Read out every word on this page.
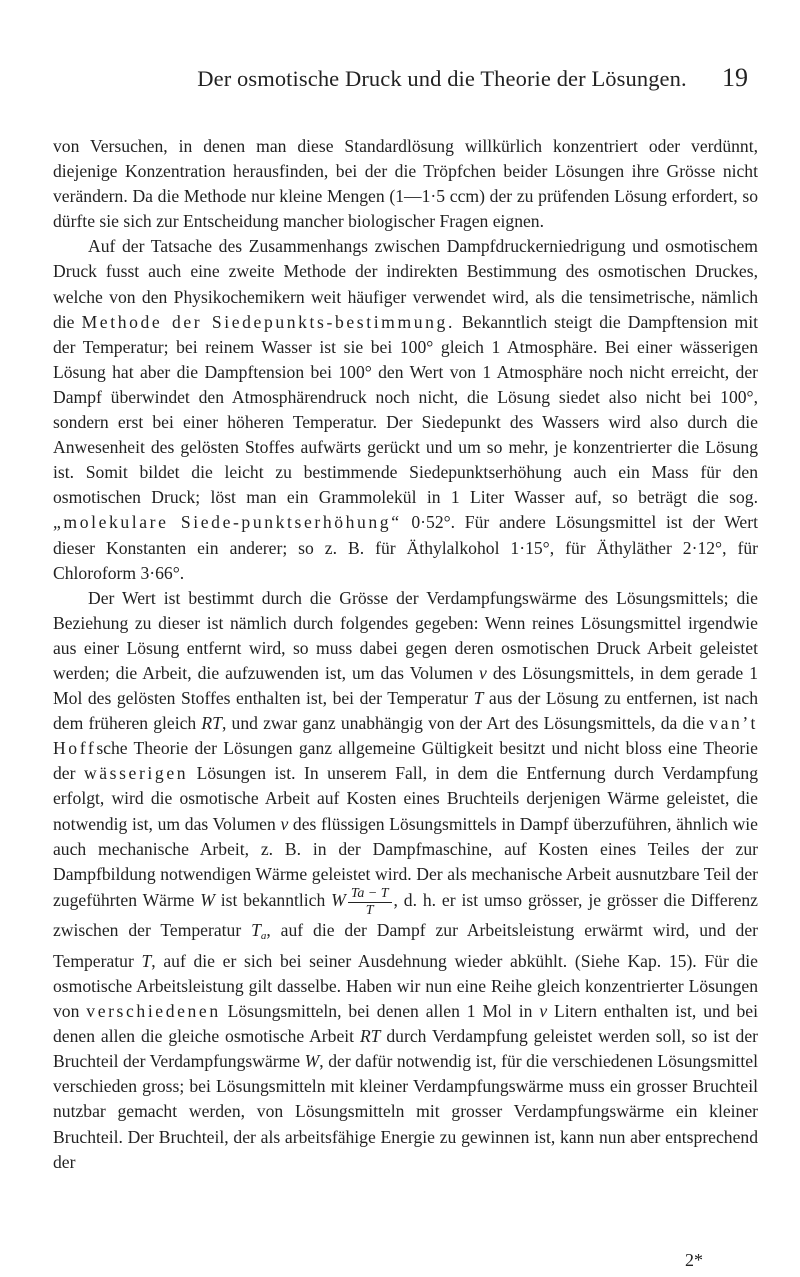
Der osmotische Druck und die Theorie der Lösungen.	19

von Versuchen, in denen man diese Standardlösung willkürlich konzentriert oder verdünnt, diejenige Konzentration herausfinden, bei der die Tröpfchen beider Lösungen ihre Grösse nicht verändern. Da die Methode nur kleine Mengen (1—1·5 ccm) der zu prüfenden Lösung erfordert, so dürfte sie sich zur Entscheidung mancher biologischer Fragen eignen.

Auf der Tatsache des Zusammenhangs zwischen Dampfdruckerniedrigung und osmotischem Druck fusst auch eine zweite Methode der indirekten Bestimmung des osmotischen Druckes, welche von den Physikochemikern weit häufiger verwendet wird, als die tensimetrische, nämlich die Methode der Siedepunkts-bestimmung. Bekanntlich steigt die Dampftension mit der Temperatur; bei reinem Wasser ist sie bei 100° gleich 1 Atmosphäre. Bei einer wässerigen Lösung hat aber die Dampftension bei 100° den Wert von 1 Atmosphäre noch nicht erreicht, der Dampf überwindet den Atmosphärendruck noch nicht, die Lösung siedet also nicht bei 100°, sondern erst bei einer höheren Temperatur. Der Siedepunkt des Wassers wird also durch die Anwesenheit des gelösten Stoffes aufwärts gerückt und um so mehr, je konzentrierter die Lösung ist. Somit bildet die leicht zu bestimmende Siedepunktserhöhung auch ein Mass für den osmotischen Druck; löst man ein Grammolekül in 1 Liter Wasser auf, so beträgt die sog. „molekulare Siede-punktserhöhung“ 0·52°. Für andere Lösungsmittel ist der Wert dieser Konstanten ein anderer; so z. B. für Äthylalkohol 1·15°, für Äthyläther 2·12°, für Chloroform 3·66°.

Der Wert ist bestimmt durch die Grösse der Verdampfungswärme des Lösungsmittels; die Beziehung zu dieser ist nämlich durch folgendes gegeben: Wenn reines Lösungsmittel irgendwie aus einer Lösung entfernt wird, so muss dabei gegen deren osmotischen Druck Arbeit geleistet werden; die Arbeit, die aufzuwenden ist, um das Volumen v des Lösungsmittels, in dem gerade 1 Mol des gelösten Stoffes enthalten ist, bei der Temperatur T aus der Lösung zu entfernen, ist nach dem früheren gleich RT, und zwar ganz unabhängig von der Art des Lösungsmittels, da die van’t Hoffsche Theorie der Lösungen ganz allgemeine Gültigkeit besitzt und nicht bloss eine Theorie der wässerigen Lösungen ist. In unserem Fall, in dem die Entfernung durch Verdampfung erfolgt, wird die osmotische Arbeit auf Kosten eines Bruchteils derjenigen Wärme geleistet, die notwendig ist, um das Volumen v des flüssigen Lösungsmittels in Dampf überzuführen, ähnlich wie auch mechanische Arbeit, z. B. in der Dampfmaschine, auf Kosten eines Teiles der zur Dampfbildung notwendigen Wärme geleistet wird. Der als mechanische Arbeit ausnutzbare Teil der zugeführten Wärme W ist bekanntlich W $\frac{Ta - T}{T}$ , d. h. er ist umso grösser, je grösser die Differenz zwischen der Temperatur $T_a$, auf die der Dampf zur Arbeitsleistung erwärmt wird, und der Temperatur T, auf die er sich bei seiner Ausdehnung wieder abkühlt. (Siehe Kap. 15). Für die osmotische Arbeitsleistung gilt dasselbe. Haben wir nun eine Reihe gleich konzentrierter Lösungen von verschiedenen Lösungsmitteln, bei denen allen 1 Mol in v Litern enthalten ist, und bei denen allen die gleiche osmotische Arbeit RT durch Verdampfung geleistet werden soll, so ist der Bruchteil der Verdampfungswärme W, der dafür notwendig ist, für die verschiedenen Lösungsmittel verschieden gross; bei Lösungsmitteln mit kleiner Verdampfungswärme muss ein grosser Bruchteil nutzbar gemacht werden, von Lösungsmitteln mit grosser Verdampfungswärme ein kleiner Bruchteil. Der Bruchteil, der als arbeitsfähige Energie zu gewinnen ist, kann nun aber entsprechend der

2*
